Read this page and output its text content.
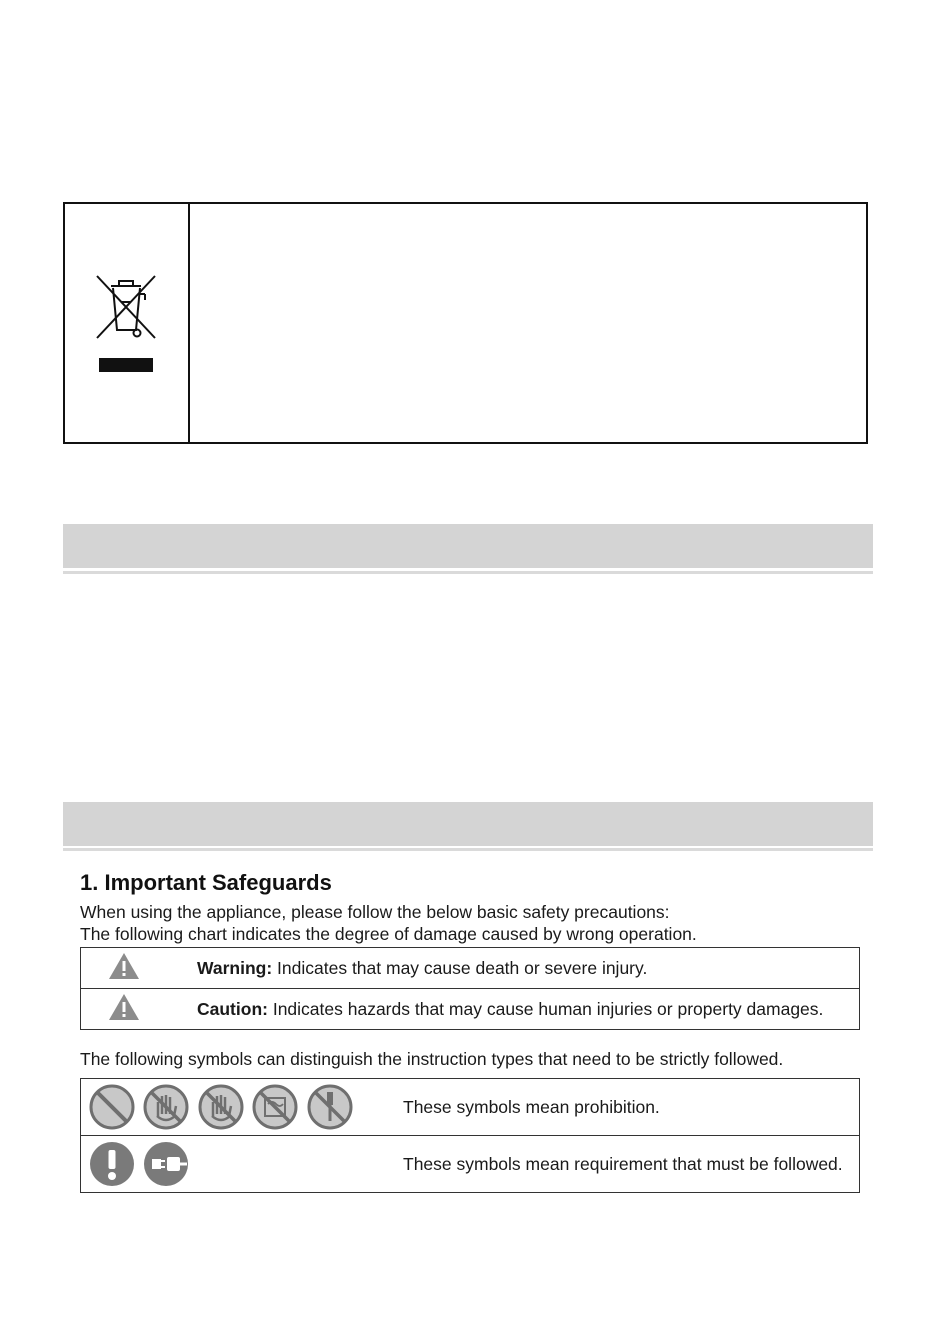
1. Important Safeguards
When using the appliance, please follow the below basic safety precautions:
The following chart indicates the degree of damage caused by wrong operation.
	Warning: Indicates that may cause death or severe injury.
	Caution: Indicates hazards that may cause human injuries or property damages.
The following symbols can distinguish the instruction types that need to be strictly followed.
	These symbols mean prohibition.
	These symbols mean requirement that must be followed.
